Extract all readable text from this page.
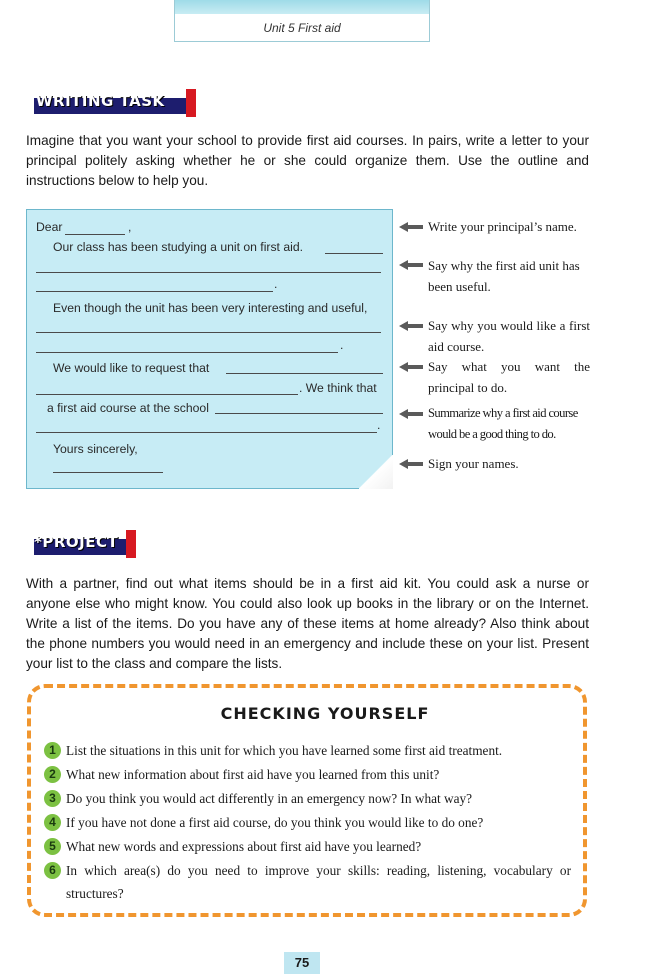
Unit 5 First aid
WRITING TASK
Imagine that you want your school to provide first aid courses. In pairs, write a letter to your principal politely asking whether he or she could organize them. Use the outline and instructions below to help you.
Dear	,
Our class has been studying a unit on first aid.
.
Even though the unit has been very interesting and useful,
.
We would like to request that
. We think that
a first aid course at the school
.
Yours sincerely,
Write your principal’s name.
Say why the first aid unit has been useful.
Say why you would like a first aid course.
Say what you want the principal to do.
Summarize why a first aid course would be a good thing to do.
Sign your names.
*PROJECT
With a partner, find out what items should be in a first aid kit. You could ask a nurse or anyone else who might know. You could also look up books in the library or on the Internet. Write a list of the items. Do you have any of these items at home already? Also think about the phone numbers you would need in an emergency and include these on your list. Present your list to the class and compare the lists.
CHECKING YOURSELF
1 List the situations in this unit for which you have learned some first aid treatment.
2 What new information about first aid have you learned from this unit?
3 Do you think you would act differently in an emergency now? In what way?
4 If you have not done a first aid course, do you think you would like to do one?
5 What new words and expressions about first aid have you learned?
6 In which area(s) do you need to improve your skills: reading, listening, vocabulary or structures?
75
